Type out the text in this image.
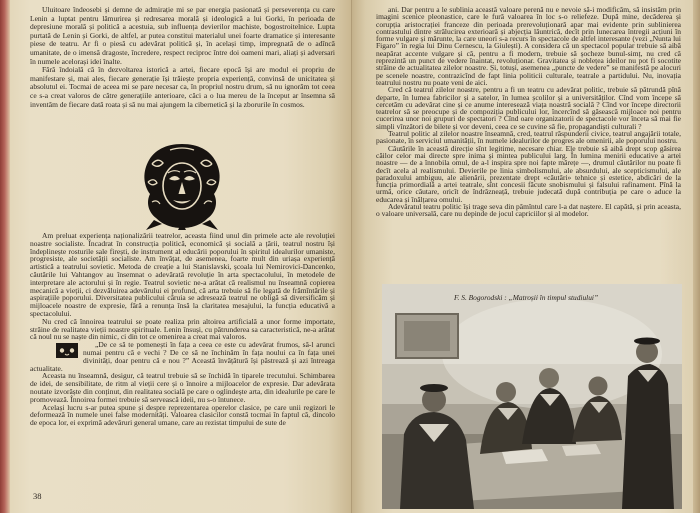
Uluitoare îndeosebi și demne de admirație mi se par energia pasionată și perseverența cu care Lenin a luptat pentru lămurirea și redresarea morală și ideologică a lui Gorki, în perioada de depresiune morală și politică a acestuia, sub influența devierilor machiste, bogostroitelnice. Lupta purtată de Lenin și Gorki, de altfel, ar putea constitui materialul unei foarte dramatice și interesante piese de teatru. Ar fi o piesă cu adevărat politică și, în același timp, impregnată de o adîncă umanitate, de o imensă dragoste, încredere, respect reciproc între doi oameni mari, aliați și adversari în numele acelorași idei înalte.

Fără îndoială că în dezvoltarea istorică a artei, fiecare epocă își are modul ei propriu de manifestare și, mai ales, fiecare generație își trăiește propria experiență, convinsă de unicitatea și absolutul ei. Tocmai de aceea mi se pare necesar ca, în propriul nostru drum, să nu ignorăm tot ceea ce s-a creat valoros de către generațiile anterioare, căci a o lua mereu de la început ar însemna să inventăm de fiecare dată roata și să nu mai ajungem la cibernetică și la zborurile în cosmos.

Am preluat experiența naționalizării teatrelor, aceasta fiind unul din primele acte ale revoluției noastre socialiste. Încadrat în construcția politică, economică și socială a țării, teatrul nostru își îndeplinește rosturile sale firești, de instrument al educării poporului în spiritul idealurilor umaniste, progresiste, ale societății socialiste. Am învățat, de asemenea, foarte mult din uriașa experiență artistică a teatrului sovietic. Metoda de creație a lui Stanislavski, școala lui Nemirovici-Dancenko, căutările lui Vahtangov au însemnat o adevărată revoluție în arta spectacolului, în metodele de interpretare ale actorului și în regie. Teatrul sovietic ne-a arătat că realismul nu înseamnă copierea mecanică a vieții, ci dezvăluirea adevărului ei profund, că arta trebuie să fie legată de frămîntările și aspirațiile poporului. Diversitatea publicului căruia se adresează teatrul ne obligă să diversificăm și mijloacele noastre de expresie, fără a renunța însă la claritatea mesajului, la funcția educativă a spectacolului.

Nu cred că înnoirea teatrului se poate realiza prin altoirea artificială a unor forme importate, străine de realitatea vieții noastre spirituale. Lenin însuși, cu pătrunderea sa caracteristică, ne-a arătat că noul nu se naște din nimic, ci din tot ce omenirea a creat mai valoros.

„De ce să te pomenești în fața a ceea ce este cu adevărat frumos, să-l arunci numai pentru că e vechi ? De ce să ne închinăm în fața noului ca în fața unei divinități, doar pentru că e nou ?” Această învățătură își păstrează și azi întreaga actualitate.

Aceasta nu înseamnă, desigur, că teatrul trebuie să se închidă în tiparele trecutului. Schimbarea de idei, de sensibilitate, de ritm al vieții cere și o înnoire a mijloacelor de expresie. Dar adevărata noutate izvorăște din conținut, din realitatea socială pe care o oglindește arta, din idealurile pe care le promovează. Înnoirea formei trebuie să servească ideii, nu s-o întunece.

Același lucru s-ar putea spune și despre reprezentarea operelor clasice, pe care unii regizori le deformează în numele unei false modernități. Valoarea clasicilor constă tocmai în faptul că, dincolo de epoca lor, ei exprimă adevăruri general umane, care au rezistat timpului de sute de

38

ani. Dar pentru a le sublinia această valoare perenă nu e nevoie să-i modificăm, să insistăm prin imagini scenice pleonastice, care le fură valoarea în loc s-o reliefeze. După mine, decăderea și corupția aristocrației franceze din perioada prerevoluționară apar mai evidente prin sublinierea contrastului dintre strălucirea exterioară și abjecția lăuntrică, decît prin lunecarea întregii acțiuni în forme vulgare și mărunte, la care uneori s-a recurs în spectacole de altfel interesante (vezi „Nunta lui Figaro” în regia lui Dinu Cernescu, la Giulești). A considera că un spectacol popular trebuie să aibă neapărat accente vulgare și că, pentru a fi modern, trebuie să șocheze bunul-simț, nu cred că reprezintă un punct de vedere înaintat, revoluționar. Gravitatea și noblețea ideilor nu pot fi socotite străine de actualitatea zilelor noastre. Și, totuși, asemenea „puncte de vedere” se manifestă pe alocuri pe scenele noastre, contrazicînd de fapt linia politicii culturale, teatrale a partidului. Nu, inovația teatrului nostru nu poate veni de aici.

Cred că teatrul zilelor noastre, pentru a fi un teatru cu adevărat politic, trebuie să pătrundă pînă departe, în lumea fabricilor și a satelor, în lumea școlilor și a universităților. Cînd vom începe să cercetăm cu adevărat cine și ce anume interesează viața noastră socială ? Cînd vor începe directorii teatrelor să se preocupe și de compoziția publicului lor, încercînd să găsească mijloace noi pentru cucerirea unor noi grupuri de spectatori ? Cînd oare organizatorii de spectacole vor înceta să mai fie simpli vînzători de bilete și vor deveni, ceea ce se cuvine să fie, propagandiști culturali ?

Teatrul politic al zilelor noastre înseamnă, cred, teatrul răspunderii civice, teatrul angajării totale, pasionate, în serviciul umanității, în numele idealurilor de progres ale omenirii, ale poporului nostru.

Căutările în această direcție sînt legitime, necesare chiar. Ele trebuie să aibă drept scop găsirea căilor celor mai directe spre inima și mintea publicului larg. În lumina menirii educative a artei noastre — de a înnobila omul, de a-l inspira spre noi fapte mărețe —, drumul căutărilor nu poate fi decît acela al realismului. Devierile pe linia simbolismului, ale absurdului, ale scepticismului, ale paradoxului ambiguu, ale alienării, prezentate drept «căutări» tehnice și estetice, abdicări de la funcția primordială a artei teatrale, sînt concesii făcute snobismului și falsului rafinament. Pînă la urmă, orice căutare, oricît de îndrăzneață, trebuie judecată după contribuția pe care o aduce la educarea și înălțarea omului.

Adevăratul teatru politic își trage seva din pămîntul care l-a dat naștere. El capătă, și prin aceasta, o valoare universală, care nu depinde de jocul capriciilor și al modelor.

F. S. Bogorodski : „Matroșii în timpul studiului”
